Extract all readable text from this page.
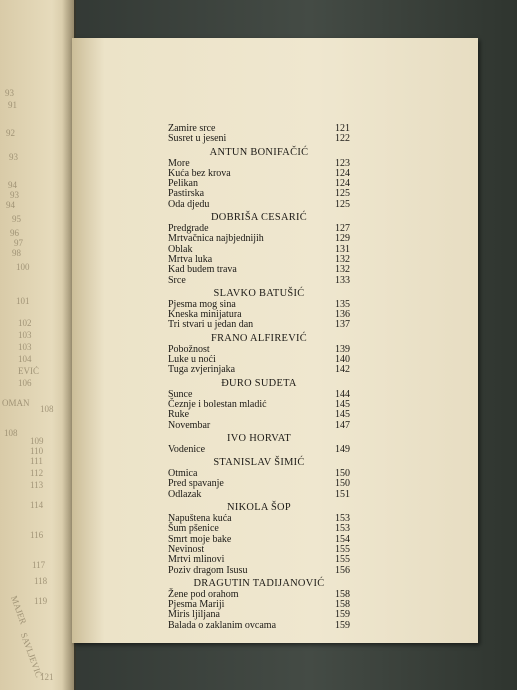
93
91
92
93
94
93
94
95
96
97
98
100
101
102
103
103
104
EVIĆ
106
OMAN
108
108
109
110
111
112
113
114
116
117
118
119
MAJER
SAVLJEVIĆ
121
Zamire srce	121
Susret u jeseni	122
ANTUN BONIFAČIĆ
More	123
Kuća bez krova	124
Pelikan	124
Pastirska	125
Oda djedu	125
DOBRIŠA CESARIĆ
Predgrade	127
Mrtvačnica najbjednijih	129
Oblak	131
Mrtva luka	132
Kad budem trava	132
Srce	133
SLAVKO BATUŠIĆ
Pjesma mog sina	135
Kneska minijatura	136
Tri stvari u jedan dan	137
FRANO ALFIREVIĆ
Pobožnost	139
Luke u noći	140
Tuga zvjerinjaka	142
ĐURO SUDETA
Sunce	144
Čeznje i bolestan mladić	145
Ruke	145
Novembar	147
IVO HORVAT
Vodenice	149
STANISLAV ŠIMIĆ
Otmica	150
Pred spavanje	150
Odlazak	151
NIKOLA ŠOP
Napuštena kuća	153
Šum pšenice	153
Smrt moje bake	154
Nevinost	155
Mrtvi mlinovi	155
Poziv dragom Isusu	156
DRAGUTIN TADIJANOVIĆ
Žene pod orahom	158
Pjesma Mariji	158
Miris ljiljana	159
Balada o zaklanim ovcama	159
